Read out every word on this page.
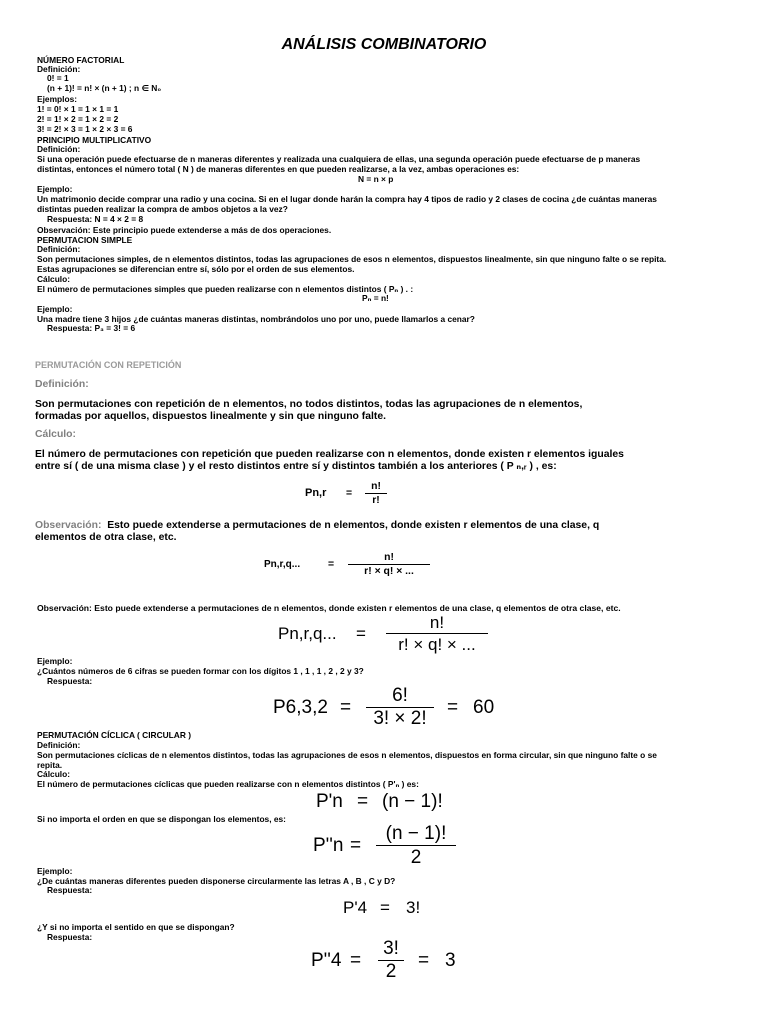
ANÁLISIS COMBINATORIO
NÚMERO FACTORIAL
Definición:
0! = 1
(n + 1)! = n! × (n + 1) ; n ∈ N₀
Ejemplos:
1! = 0! × 1 = 1 × 1 = 1
2! = 1! × 2 = 1 × 2 = 2
3! = 2! × 3 = 1 × 2 × 3 = 6
PRINCIPIO MULTIPLICATIVO
Definición:
Si una operación puede efectuarse de n maneras diferentes y realizada una cualquiera de ellas, una segunda operación puede efectuarse de p maneras
distintas, entonces el número total ( N ) de maneras diferentes en que pueden realizarse, a la vez, ambas operaciones es:
N = n × p
Ejemplo:
Un matrimonio decide comprar una radio y una cocina. Si en el lugar donde harán la compra hay 4 tipos de radio y 2 clases de cocina ¿de cuántas maneras
distintas pueden realizar la compra de ambos objetos a la vez?
Respuesta: N = 4 × 2 = 8
Observación: Este principio puede extenderse a más de dos operaciones.
PERMUTACION SIMPLE
Definición:
Son permutaciones simples, de n elementos distintos, todas las agrupaciones de esos n elementos, dispuestos linealmente, sin que ninguno falte o se repita.
Estas agrupaciones se diferencian entre sí, sólo por el orden de sus elementos.
Cálculo:
El número de permutaciones simples que pueden realizarse con n elementos distintos ( Pₙ ) . :
Pₙ = n!
Ejemplo:
Una madre tiene 3 hijos ¿de cuántas maneras distintas, nombrándolos uno por uno, puede llamarlos a cenar?
Respuesta: P₃ = 3! = 6
PERMUTACIÓN CON REPETICIÓN
Definición:
Son permutaciones con repetición de n elementos, no todos distintos, todas las agrupaciones de n elementos,
formadas por aquellos, dispuestos linealmente y sin que ninguno falte.
Cálculo:
El número de permutaciones con repetición que pueden realizarse con n elementos, donde existen r elementos iguales
entre sí ( de una misma clase ) y el resto distintos entre sí y distintos también a los anteriores ( P ₙ,ᵣ ) , es:
Pn,r =
n!
r!
Observación: Esto puede extenderse a permutaciones de n elementos, donde existen r elementos de una clase, q
elementos de otra clase, etc.
Pn,r,q...	=
n!
r! × q! × ...
Observación: Esto puede extenderse a permutaciones de n elementos, donde existen r elementos de una clase, q elementos de otra clase, etc.
Pn,r,q... =
n!
r! × q! × ...
Ejemplo:
¿Cuántos números de 6 cifras se pueden formar con los dígitos 1 , 1 , 1 , 2 , 2 y 3?
Respuesta:
P6,3,2 =
6!
3! × 2!
= 60
PERMUTACIÓN CÍCLICA ( CIRCULAR )
Definición:
Son permutaciones cíclicas de n elementos distintos, todas las agrupaciones de esos n elementos, dispuestos en forma circular, sin que ninguno falte o se
repita.
Cálculo:
El número de permutaciones cíclicas que pueden realizarse con n elementos distintos ( P'ₙ ) es:
P'n = (n − 1)!
Si no importa el orden en que se dispongan los elementos, es:
P''n =
(n − 1)!
2
Ejemplo:
¿De cuántas maneras diferentes pueden disponerse circularmente las letras A , B , C y D?
Respuesta:
P'4 = 3!
¿Y si no importa el sentido en que se dispongan?
Respuesta:
P''4 =
3!
2
= 3
